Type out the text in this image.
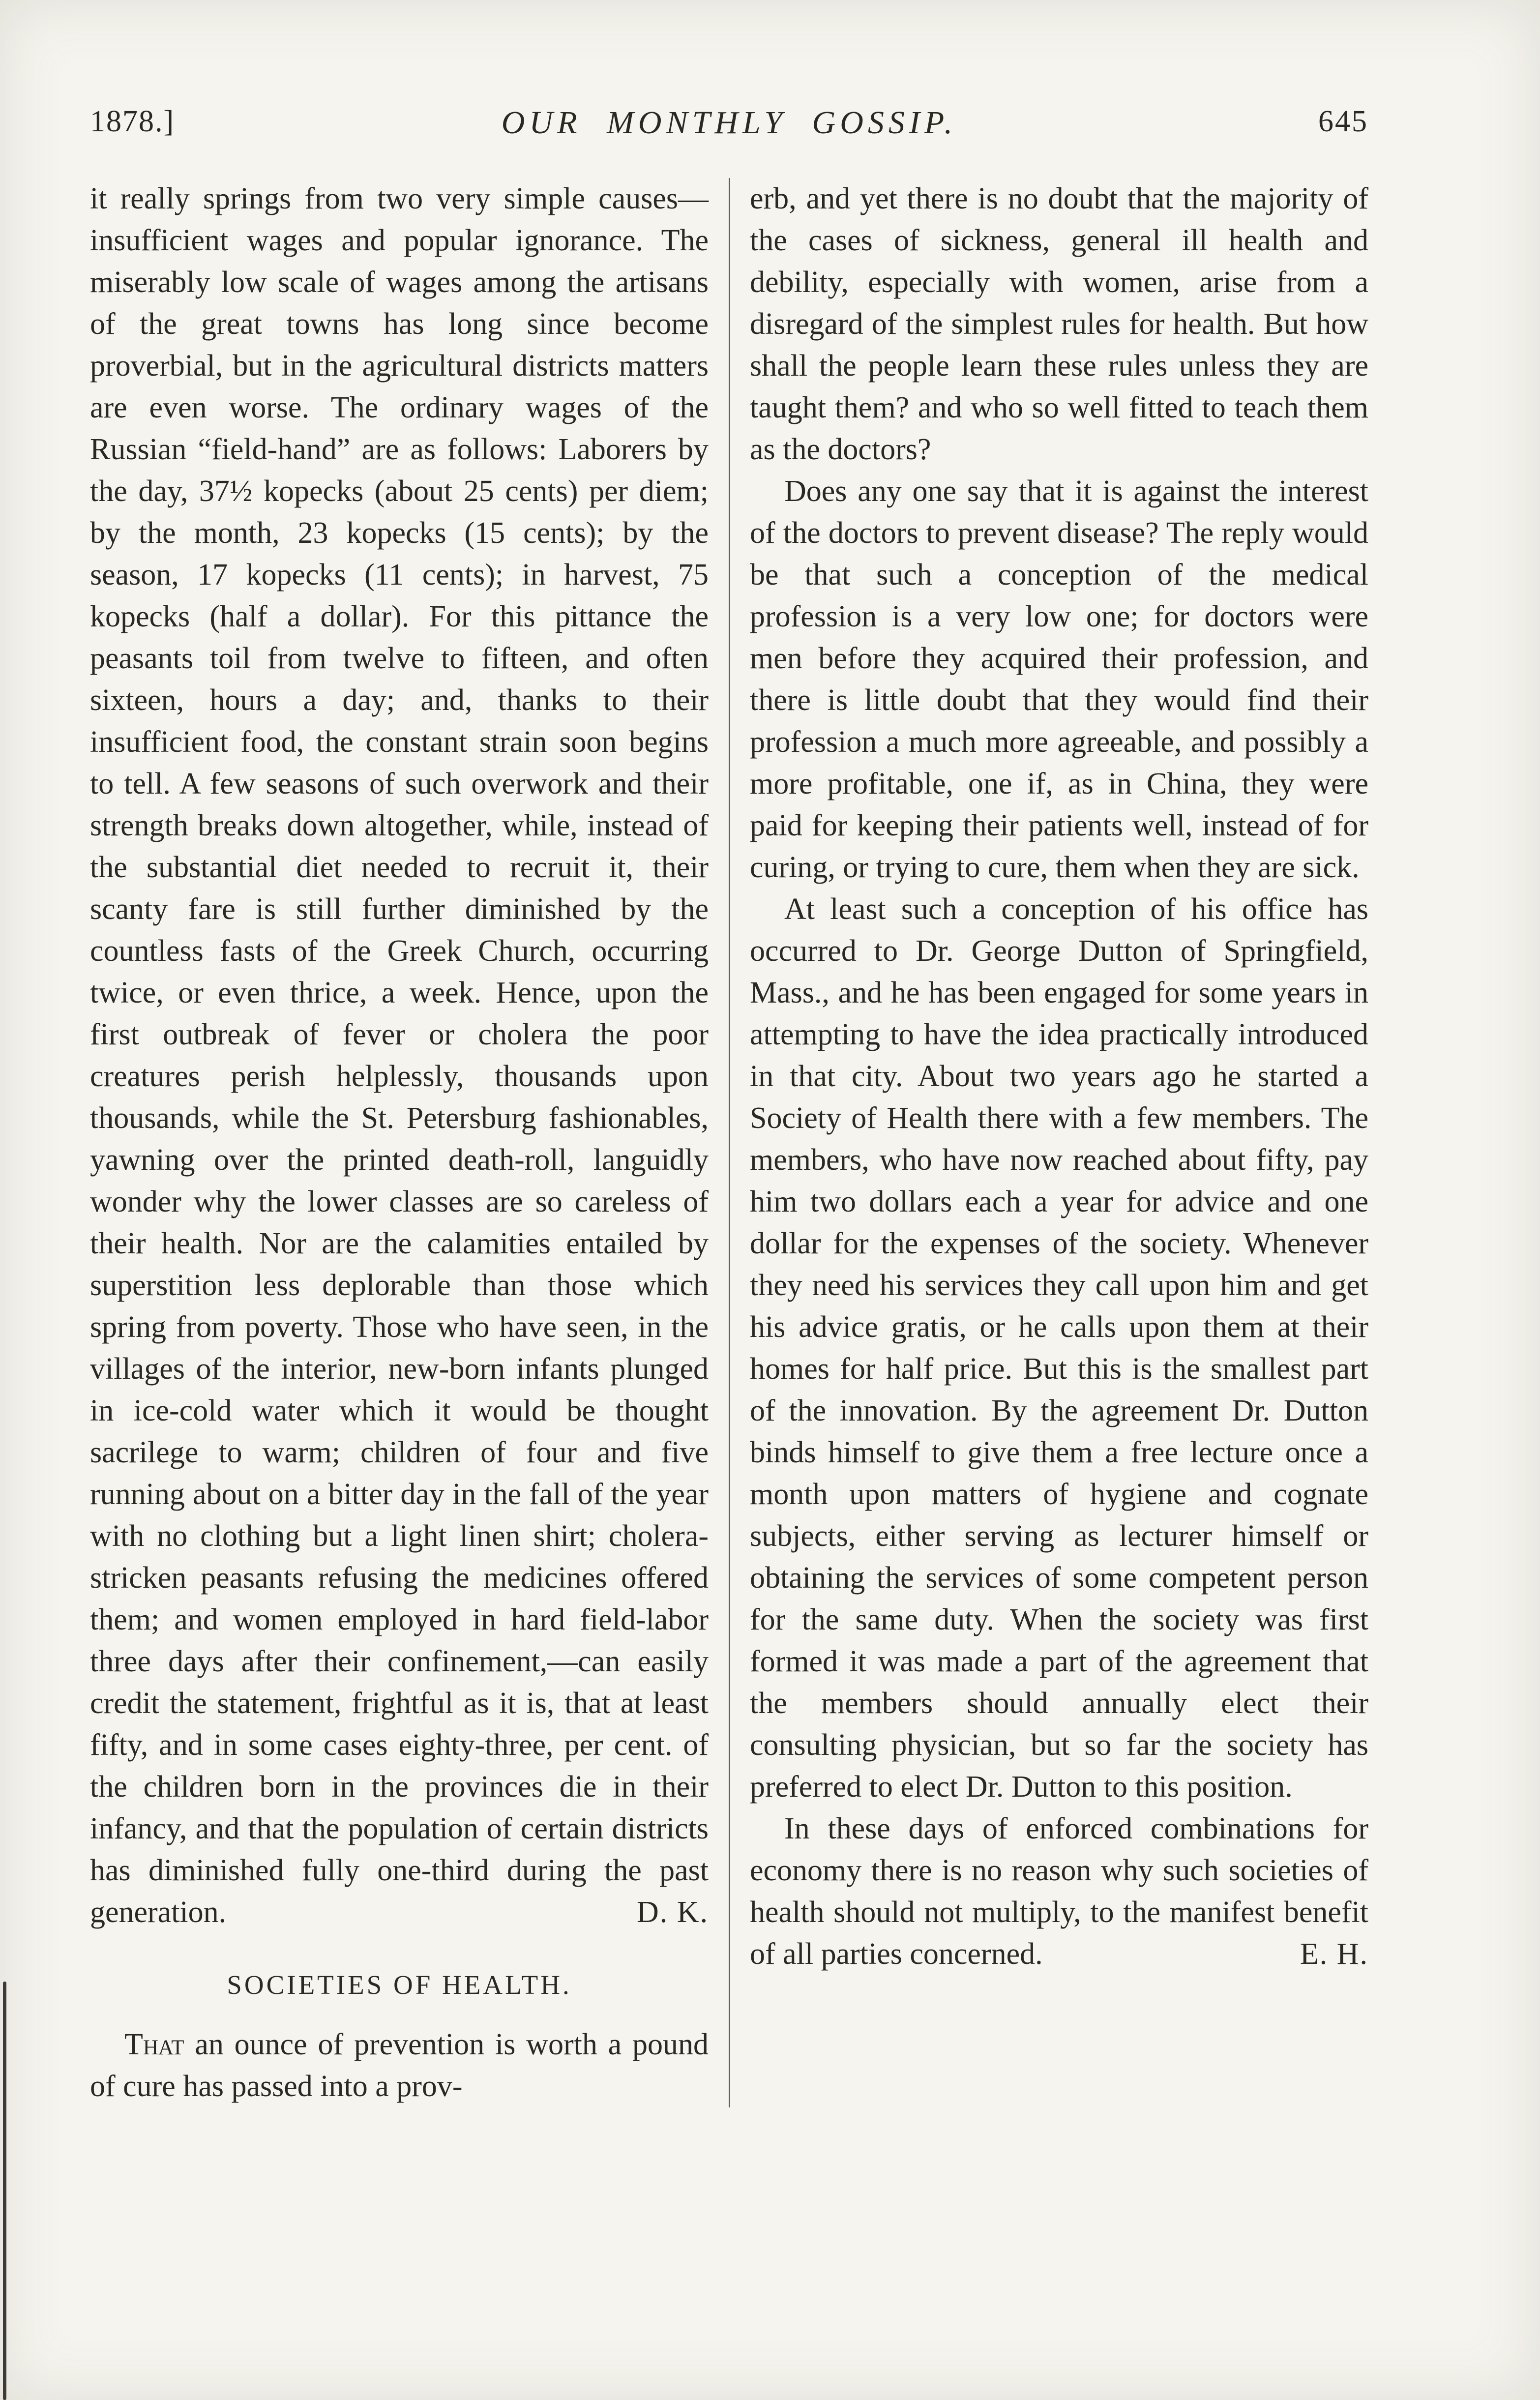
1878.]	OUR MONTHLY GOSSIP.	645

it really springs from two very simple causes—insufficient wages and popular ignorance. The miserably low scale of wages among the artisans of the great towns has long since become proverbial, but in the agricultural districts matters are even worse. The ordinary wages of the Russian “field-hand” are as follows: Laborers by the day, 37½ kopecks (about 25 cents) per diem; by the month, 23 kopecks (15 cents); by the season, 17 kopecks (11 cents); in harvest, 75 kopecks (half a dollar). For this pittance the peasants toil from twelve to fifteen, and often sixteen, hours a day; and, thanks to their insufficient food, the constant strain soon begins to tell. A few seasons of such overwork and their strength breaks down altogether, while, instead of the substantial diet needed to recruit it, their scanty fare is still further diminished by the countless fasts of the Greek Church, occurring twice, or even thrice, a week. Hence, upon the first outbreak of fever or cholera the poor creatures perish helplessly, thousands upon thousands, while the St. Petersburg fashionables, yawning over the printed death-roll, languidly wonder why the lower classes are so careless of their health. Nor are the calamities entailed by superstition less deplorable than those which spring from poverty. Those who have seen, in the villages of the interior, new-born infants plunged in ice-cold water which it would be thought sacrilege to warm; children of four and five running about on a bitter day in the fall of the year with no clothing but a light linen shirt; cholera-stricken peasants refusing the medicines offered them; and women employed in hard field-labor three days after their confinement,—can easily credit the statement, frightful as it is, that at least fifty, and in some cases eighty-three, per cent. of the children born in the provinces die in their infancy, and that the population of certain districts has diminished fully one-third during the past generation.	D. K.

SOCIETIES OF HEALTH.

That an ounce of prevention is worth a pound of cure has passed into a prov-

erb, and yet there is no doubt that the majority of the cases of sickness, general ill health and debility, especially with women, arise from a disregard of the simplest rules for health. But how shall the people learn these rules unless they are taught them? and who so well fitted to teach them as the doctors?

Does any one say that it is against the interest of the doctors to prevent disease? The reply would be that such a conception of the medical profession is a very low one; for doctors were men before they acquired their profession, and there is little doubt that they would find their profession a much more agreeable, and possibly a more profitable, one if, as in China, they were paid for keeping their patients well, instead of for curing, or trying to cure, them when they are sick.

At least such a conception of his office has occurred to Dr. George Dutton of Springfield, Mass., and he has been engaged for some years in attempting to have the idea practically introduced in that city. About two years ago he started a Society of Health there with a few members. The members, who have now reached about fifty, pay him two dollars each a year for advice and one dollar for the expenses of the society. Whenever they need his services they call upon him and get his advice gratis, or he calls upon them at their homes for half price. But this is the smallest part of the innovation. By the agreement Dr. Dutton binds himself to give them a free lecture once a month upon matters of hygiene and cognate subjects, either serving as lecturer himself or obtaining the services of some competent person for the same duty. When the society was first formed it was made a part of the agreement that the members should annually elect their consulting physician, but so far the society has preferred to elect Dr. Dutton to this position.

In these days of enforced combinations for economy there is no reason why such societies of health should not multiply, to the manifest benefit of all parties concerned.	E. H.
